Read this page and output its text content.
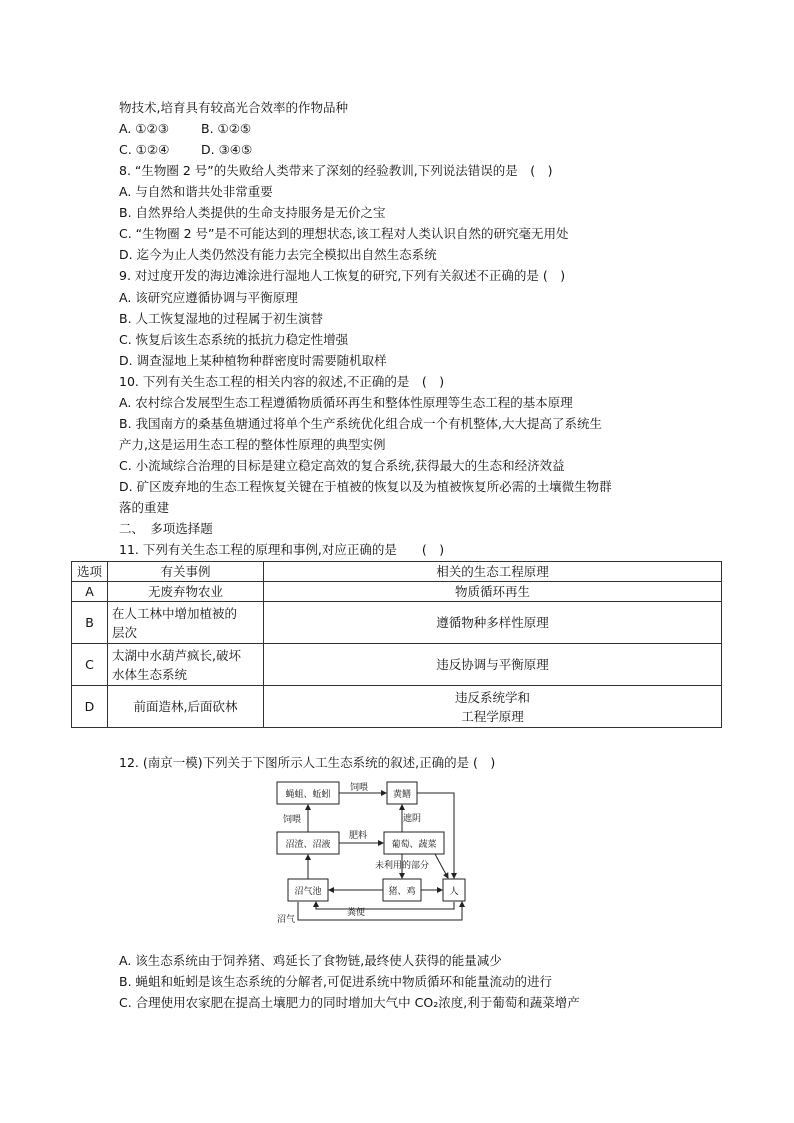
物技术,培育具有较高光合效率的作物品种
A. ①②③	B. ①②⑤
C. ①②④	D. ③④⑤
8. “生物圈 2 号”的失败给人类带来了深刻的经验教训,下列说法错误的是　(　)
A. 与自然和谐共处非常重要
B. 自然界给人类提供的生命支持服务是无价之宝
C. “生物圈 2 号”是不可能达到的理想状态,该工程对人类认识自然的研究毫无用处
D. 迄今为止人类仍然没有能力去完全模拟出自然生态系统
9. 对过度开发的海边滩涂进行湿地人工恢复的研究,下列有关叙述不正确的是 (　)
A. 该研究应遵循协调与平衡原理
B. 人工恢复湿地的过程属于初生演替
C. 恢复后该生态系统的抵抗力稳定性增强
D. 调查湿地上某种植物种群密度时需要随机取样
10. 下列有关生态工程的相关内容的叙述,不正确的是　(　)
A. 农村综合发展型生态工程遵循物质循环再生和整体性原理等生态工程的基本原理
B. 我国南方的桑基鱼塘通过将单个生产系统优化组合成一个有机整体,大大提高了系统生
产力,这是运用生态工程的整体性原理的典型实例
C. 小流域综合治理的目标是建立稳定高效的复合系统,获得最大的生态和经济效益
D. 矿区废弃地的生态工程恢复关键在于植被的恢复以及为植被恢复所必需的土壤微生物群
落的重建
二、　多项选择题
11. 下列有关生态工程的原理和事例,对应正确的是　　(　)
选项	有关事例	相关的生态工程原理
A	无废弃物农业	物质循环再生
B	在人工林中增加植被的
层次	遵循物种多样性原理
C	太湖中水葫芦疯长,破坏
水体生态系统	违反协调与平衡原理
D	前面造林,后面砍林	违反系统学和
工程学原理
12. (南京一模)下列关于下图所示人工生态系统的叙述,正确的是 (　)
蝇蛆、蚯蚓	黄鳝
沼渣、沼液	葡萄、蔬菜
沼气池	猪、鸡	人
饲喂
饲喂	遮阴
肥料
未利用的部分
粪便
沼气
A. 该生态系统由于饲养猪、鸡延长了食物链,最终使人获得的能量减少
B. 蝇蛆和蚯蚓是该生态系统的分解者,可促进系统中物质循环和能量流动的进行
C. 合理使用农家肥在提高土壤肥力的同时增加大气中 CO₂浓度,利于葡萄和蔬菜增产
